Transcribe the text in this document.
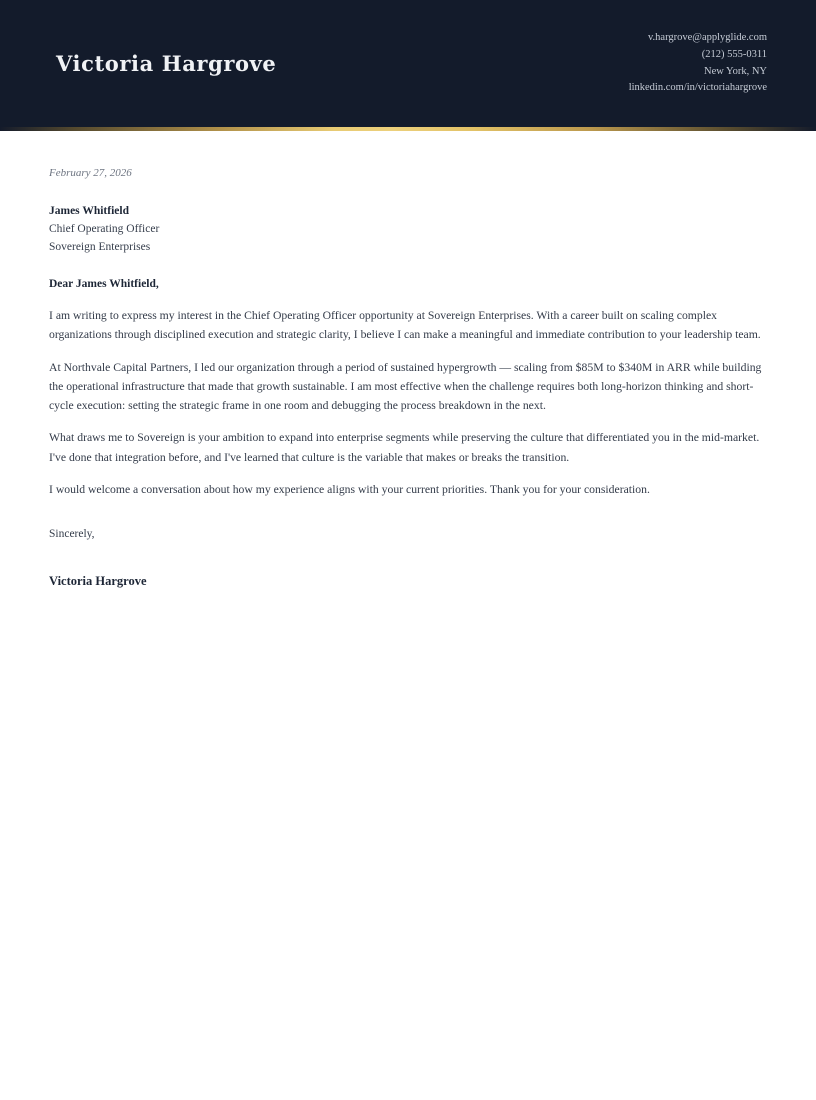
Victoria Hargrove
v.hargrove@applyglide.com
(212) 555-0311
New York, NY
linkedin.com/in/victoriahargrove
February 27, 2026
James Whitfield
Chief Operating Officer
Sovereign Enterprises
Dear James Whitfield,

I am writing to express my interest in the Chief Operating Officer opportunity at Sovereign Enterprises. With a career built on scaling complex organizations through disciplined execution and strategic clarity, I believe I can make a meaningful and immediate contribution to your leadership team.

At Northvale Capital Partners, I led our organization through a period of sustained hypergrowth — scaling from $85M to $340M in ARR while building the operational infrastructure that made that growth sustainable. I am most effective when the challenge requires both long-horizon thinking and short-cycle execution: setting the strategic frame in one room and debugging the process breakdown in the next.

What draws me to Sovereign is your ambition to expand into enterprise segments while preserving the culture that differentiated you in the mid-market. I've done that integration before, and I've learned that culture is the variable that makes or breaks the transition.

I would welcome a conversation about how my experience aligns with your current priorities. Thank you for your consideration.

Sincerely,
Victoria Hargrove
